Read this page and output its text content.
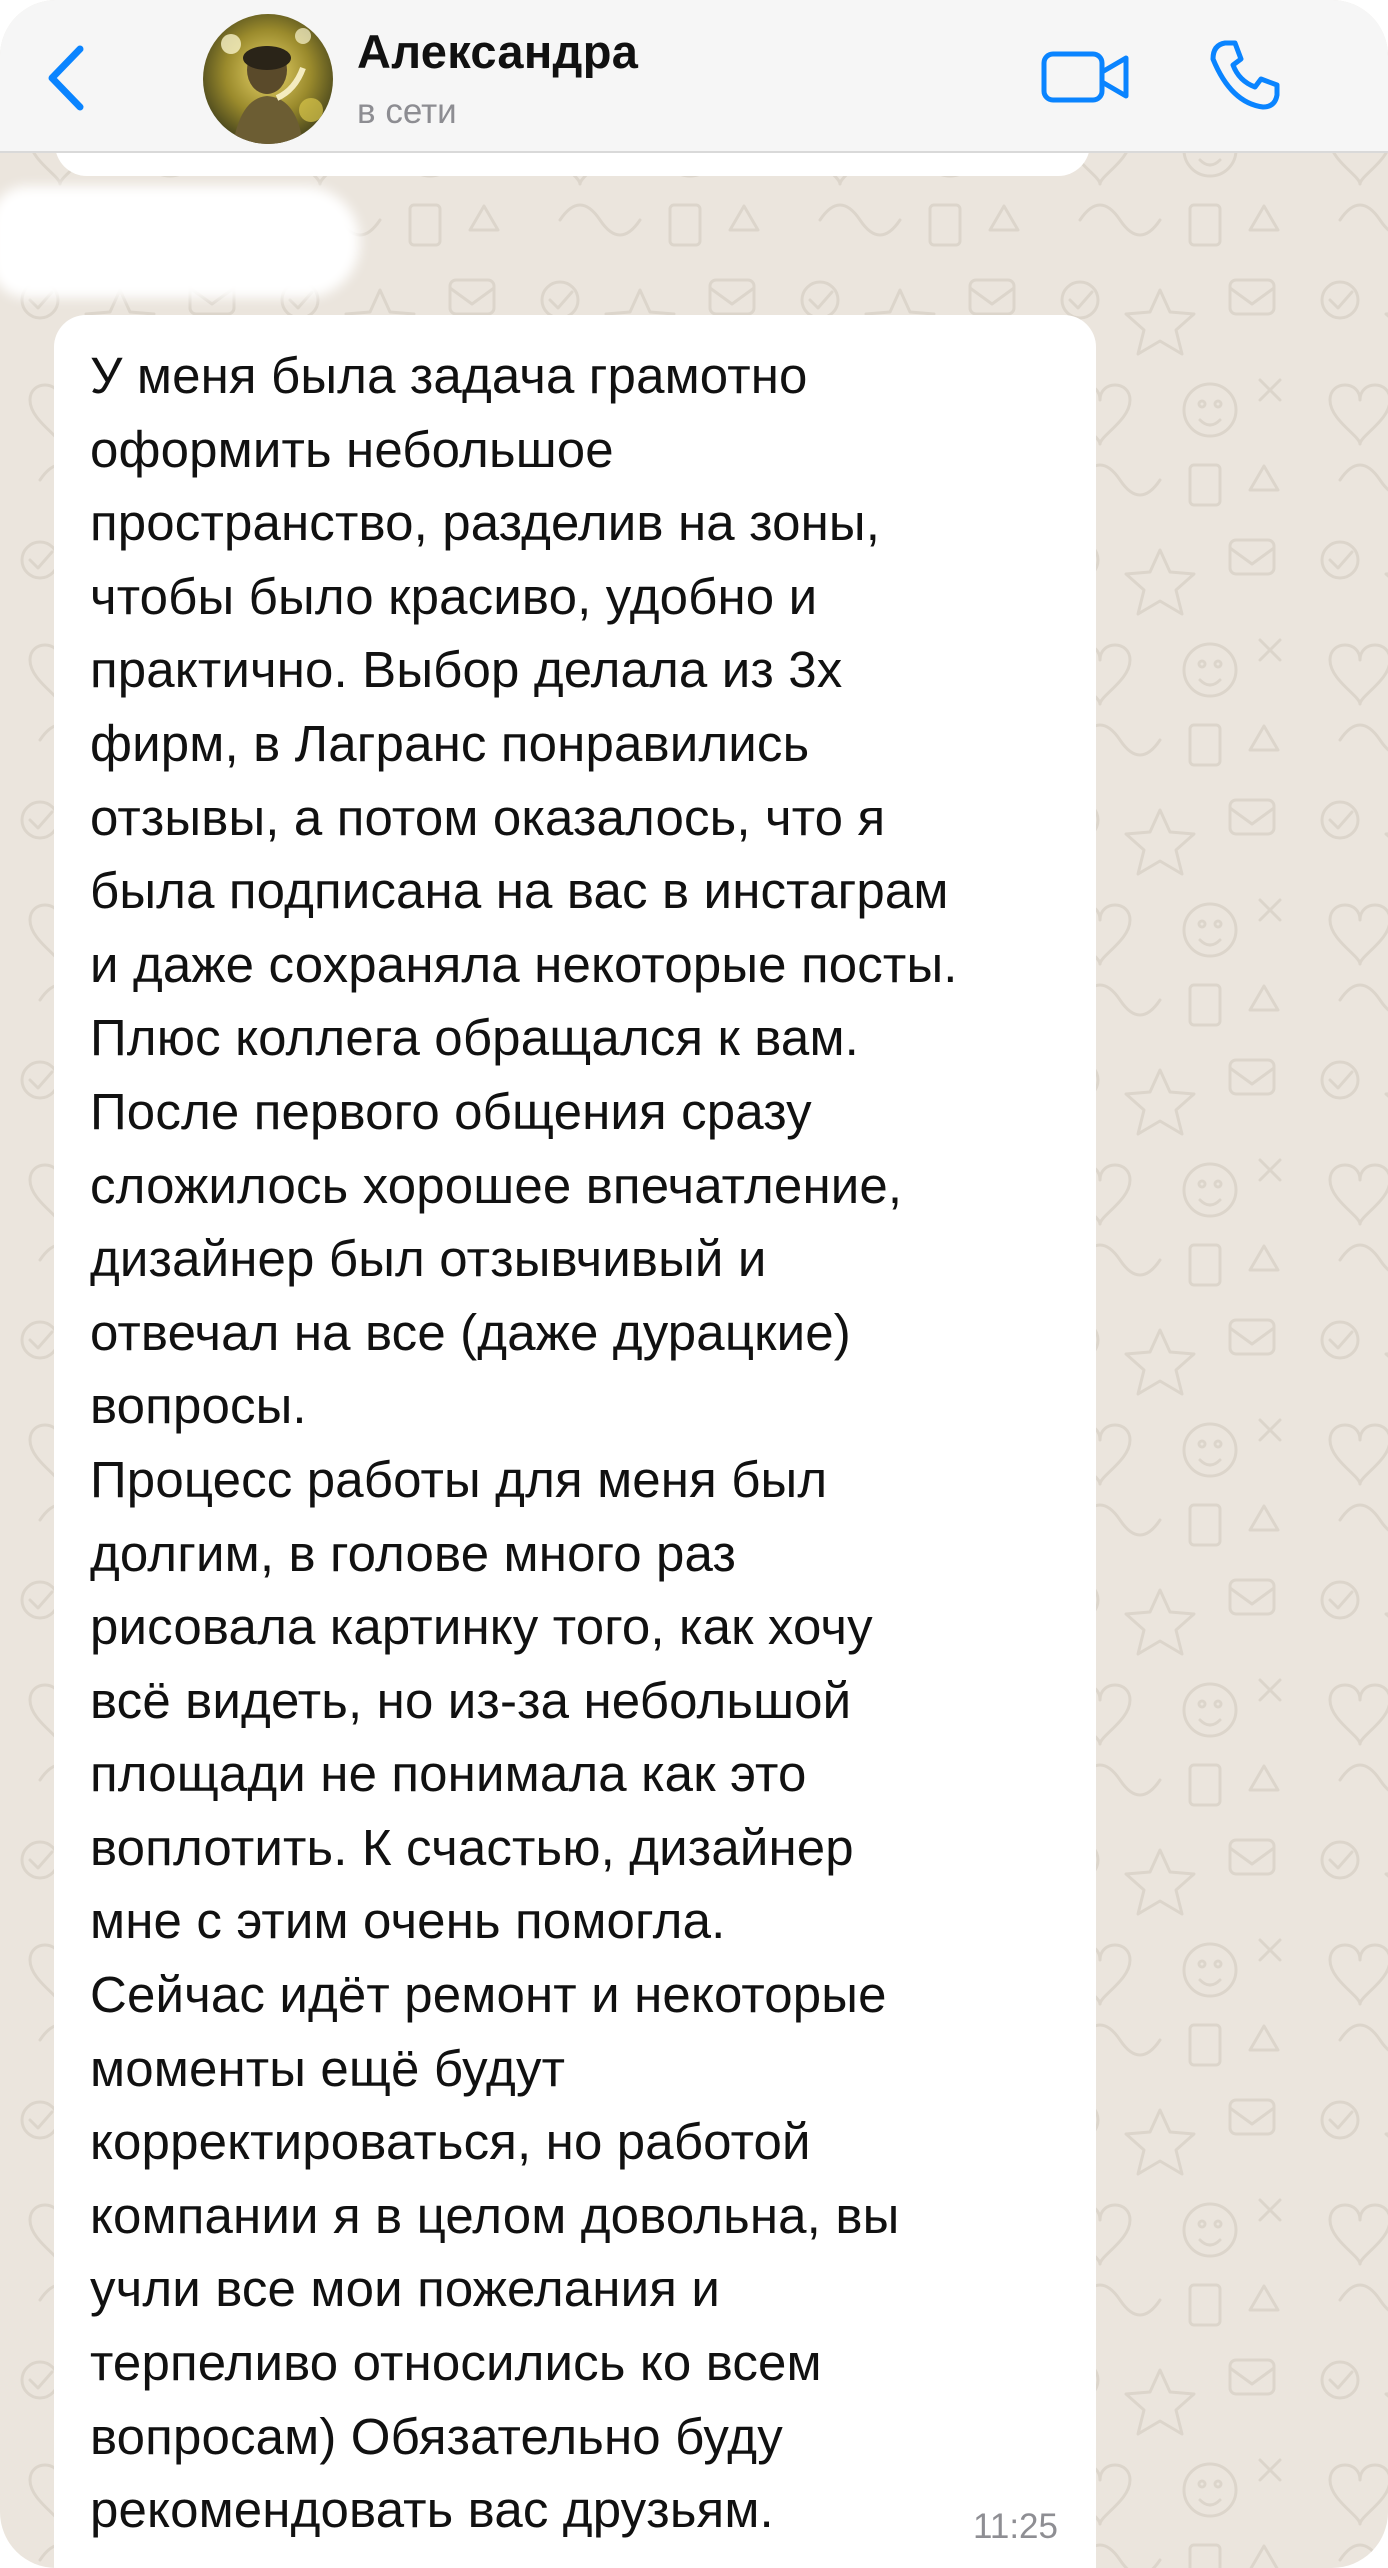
Александра
в сети

У меня была задача грамотно
оформить небольшое
пространство, разделив на зоны,
чтобы было красиво, удобно и
практично. Выбор делала из 3х
фирм, в Лагранс понравились
отзывы, а потом оказалось, что я
была подписана на вас в инстаграм
и даже сохраняла некоторые посты.
Плюс коллега обращался к вам.
После первого общения сразу
сложилось хорошее впечатление,
дизайнер был отзывчивый и
отвечал на все (даже дурацкие)
вопросы.
Процесс работы для меня был
долгим, в голове много раз
рисовала картинку того, как хочу
всё видеть, но из-за небольшой
площади не понимала как это
воплотить. К счастью, дизайнер
мне с этим очень помогла.
Сейчас идёт ремонт и некоторые
моменты ещё будут
корректироваться, но работой
компании я в целом довольна, вы
учли все мои пожелания и
терпеливо относились ко всем
вопросам) Обязательно буду
рекомендовать вас друзьям.	11:25
